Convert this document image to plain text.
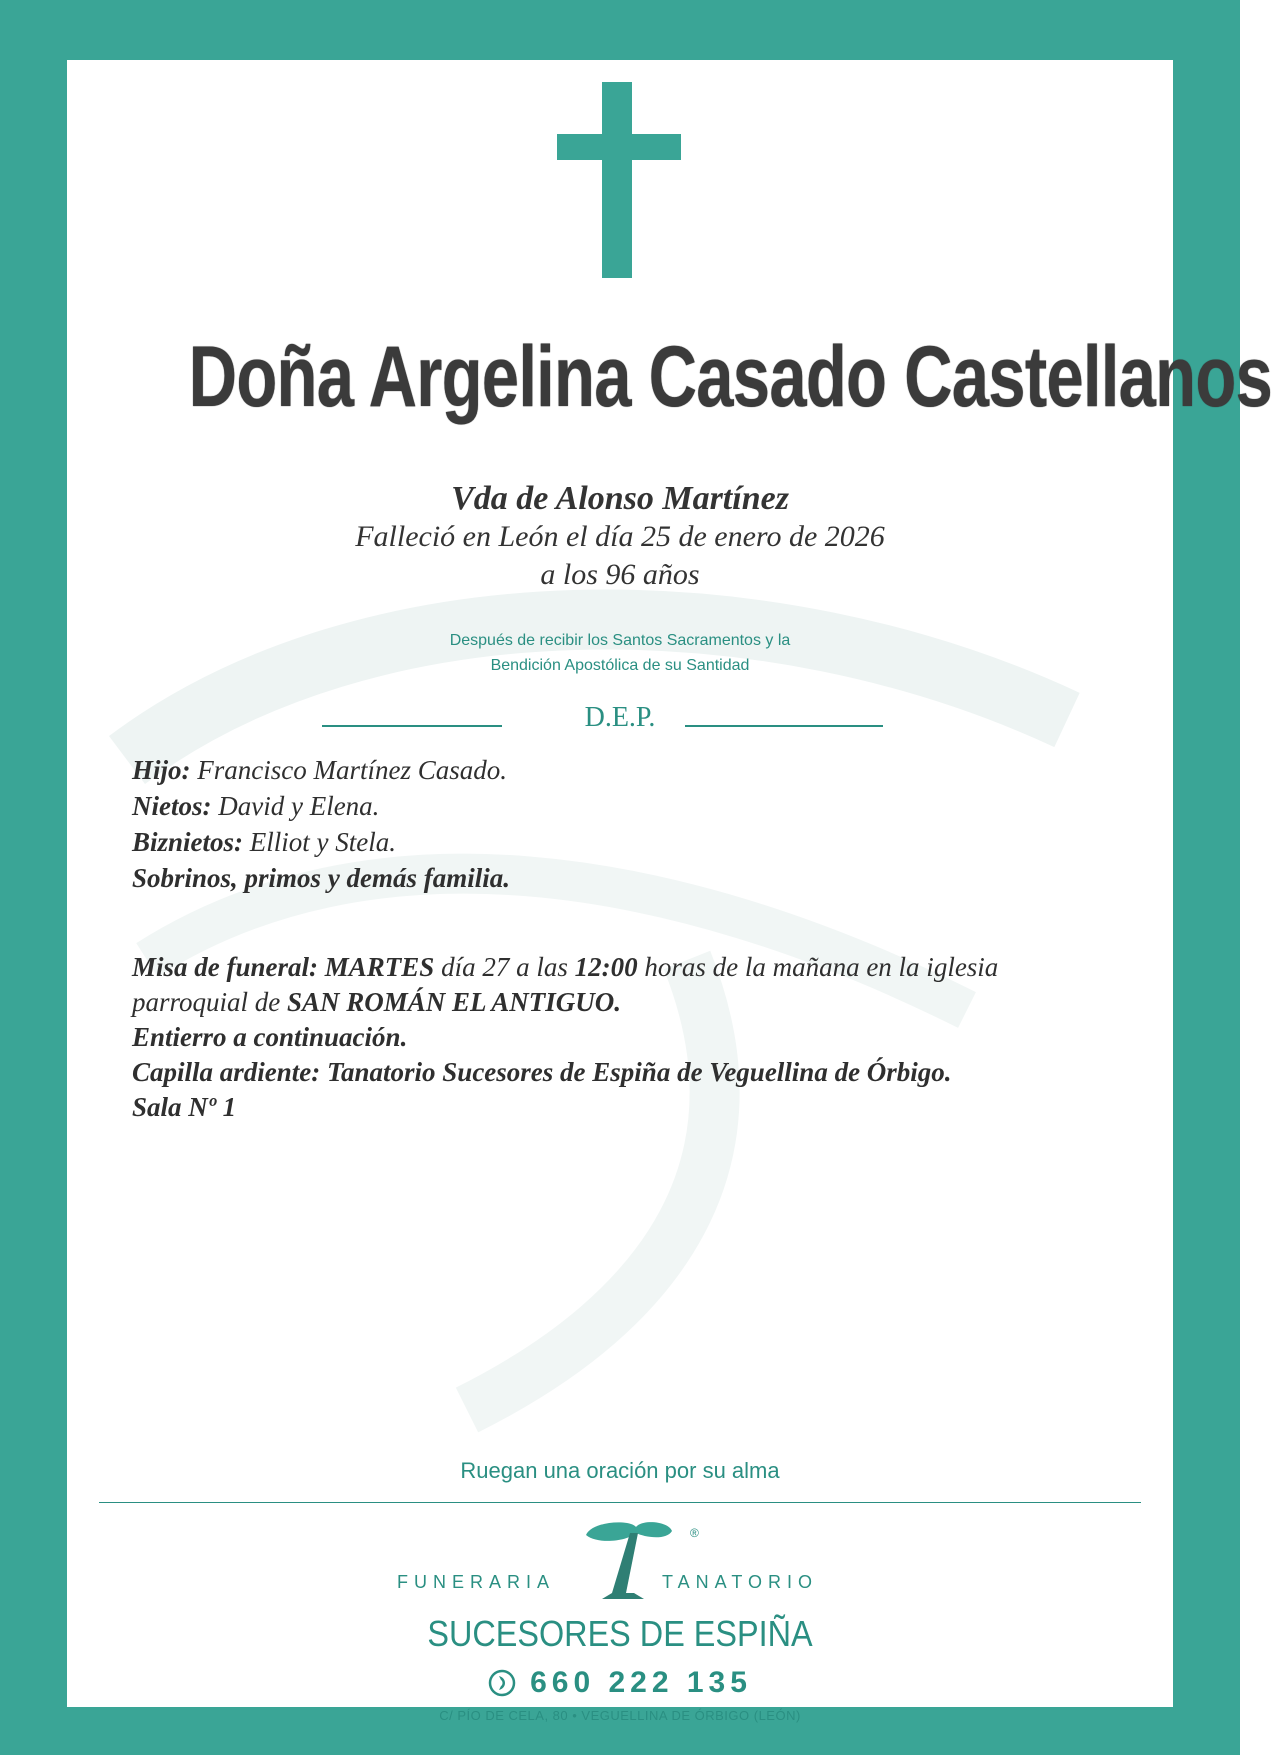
Doña Argelina Casado Castellanos
Vda de Alonso Martínez
Falleció en León el día 25 de enero de 2026
a los 96 años
Después de recibir los Santos Sacramentos y la
Bendición Apostólica de su Santidad
D.E.P.
Hijo: Francisco Martínez Casado.
Nietos: David y Elena.
Biznietos: Elliot y Stela.
Sobrinos, primos y demás familia.
Misa de funeral: MARTES día 27 a las 12:00 horas de la mañana en la iglesia
parroquial de SAN ROMÁN EL ANTIGUO.
Entierro a continuación.
Capilla ardiente: Tanatorio Sucesores de Espiña de Veguellina de Órbigo.
Sala Nº 1
Ruegan una oración por su alma
®
FUNERARIA	TANATORIO
SUCESORES DE ESPIÑA
660 222 135
C/ PÍO DE CELA, 80 • VEGUELLINA DE ÓRBIGO (LEÓN)
